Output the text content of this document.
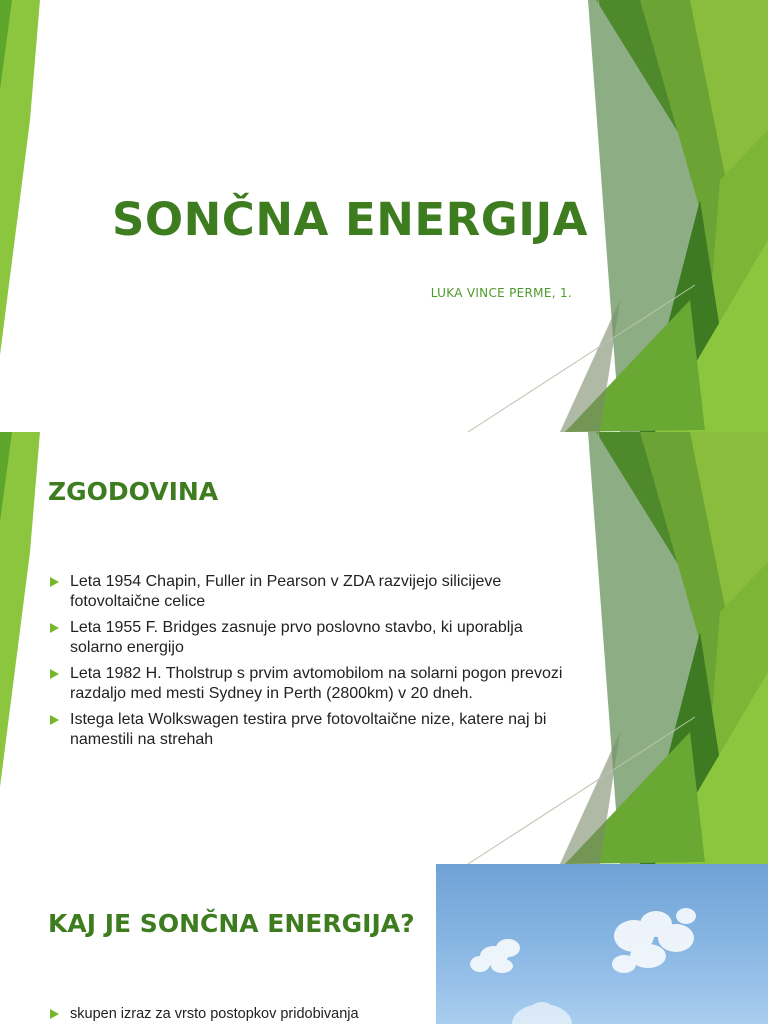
SONČNA ENERGIJA

LUKA VINCE PERME, 1.

ZGODOVINA
Leta 1954 Chapin, Fuller in Pearson v ZDA razvijejo silicijeve fotovoltaične celice
Leta 1955 F. Bridges zasnuje prvo poslovno stavbo, ki uporablja solarno energijo
Leta 1982 H. Tholstrup s prvim avtomobilom na solarni pogon prevozi razdaljo med mesti Sydney in Perth (2800km) v 20 dneh.
Istega leta Wolkswagen testira prve fotovoltaične nize, katere naj bi namestili na strehah
KAJ JE SONČNA ENERGIJA?
skupen izraz za vrsto postopkov pridobivanja
